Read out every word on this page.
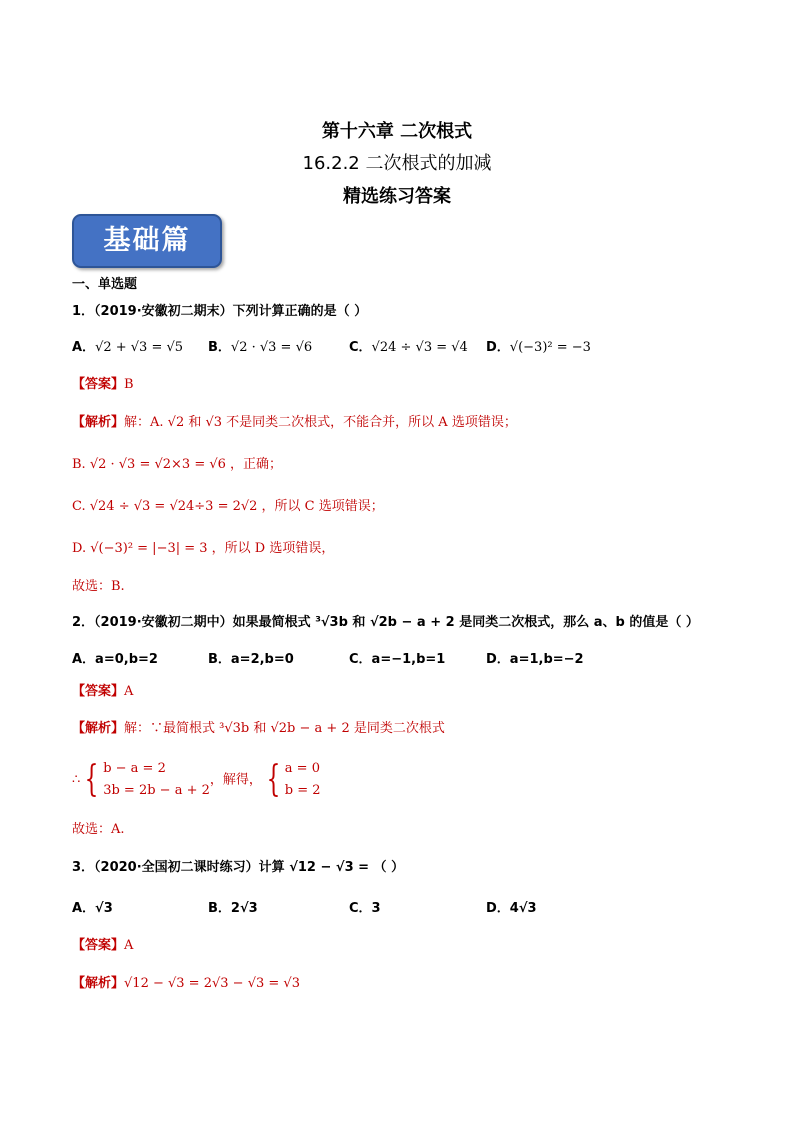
第十六章 二次根式
16.2.2 二次根式的加减
精选练习答案
基础篇
一、单选题
1．（2019·安徽初二期末）下列计算正确的是（ ）
A．√2 + √3 = √5 B．√2 · √3 = √6	C．√24 ÷ √3 = √4 D．√(−3)² = −3
【答案】B
【解析】解：A. √2 和 √3 不是同类二次根式，不能合并，所以 A 选项错误；
B. √2 · √3 = √2×3 = √6 ，正确；
C. √24 ÷ √3 = √24÷3 = 2√2 ，所以 C 选项错误；
D. √(−3)² = |−3| = 3 ，所以 D 选项错误，
故选：B.
2．（2019·安徽初二期中）如果最简根式 ³√3b 和 √2b − a + 2 是同类二次根式，那么 a、b 的值是（ ）
A．a=0,b=2	B．a=2,b=0	C．a=−1,b=1	D．a=1,b=−2
【答案】A
【解析】解：∵最简根式 ³√3b 和 √2b − a + 2 是同类二次根式
∴ { b − a = 2
3b = 2b − a + 2，解得， { a = 0
b = 2
故选：A.
3．（2020·全国初二课时练习）计算 √12 − √3 = （ ）
A．√3	B．2√3	C．3	D．4√3
【答案】A
【解析】√12 − √3 = 2√3 − √3 = √3
